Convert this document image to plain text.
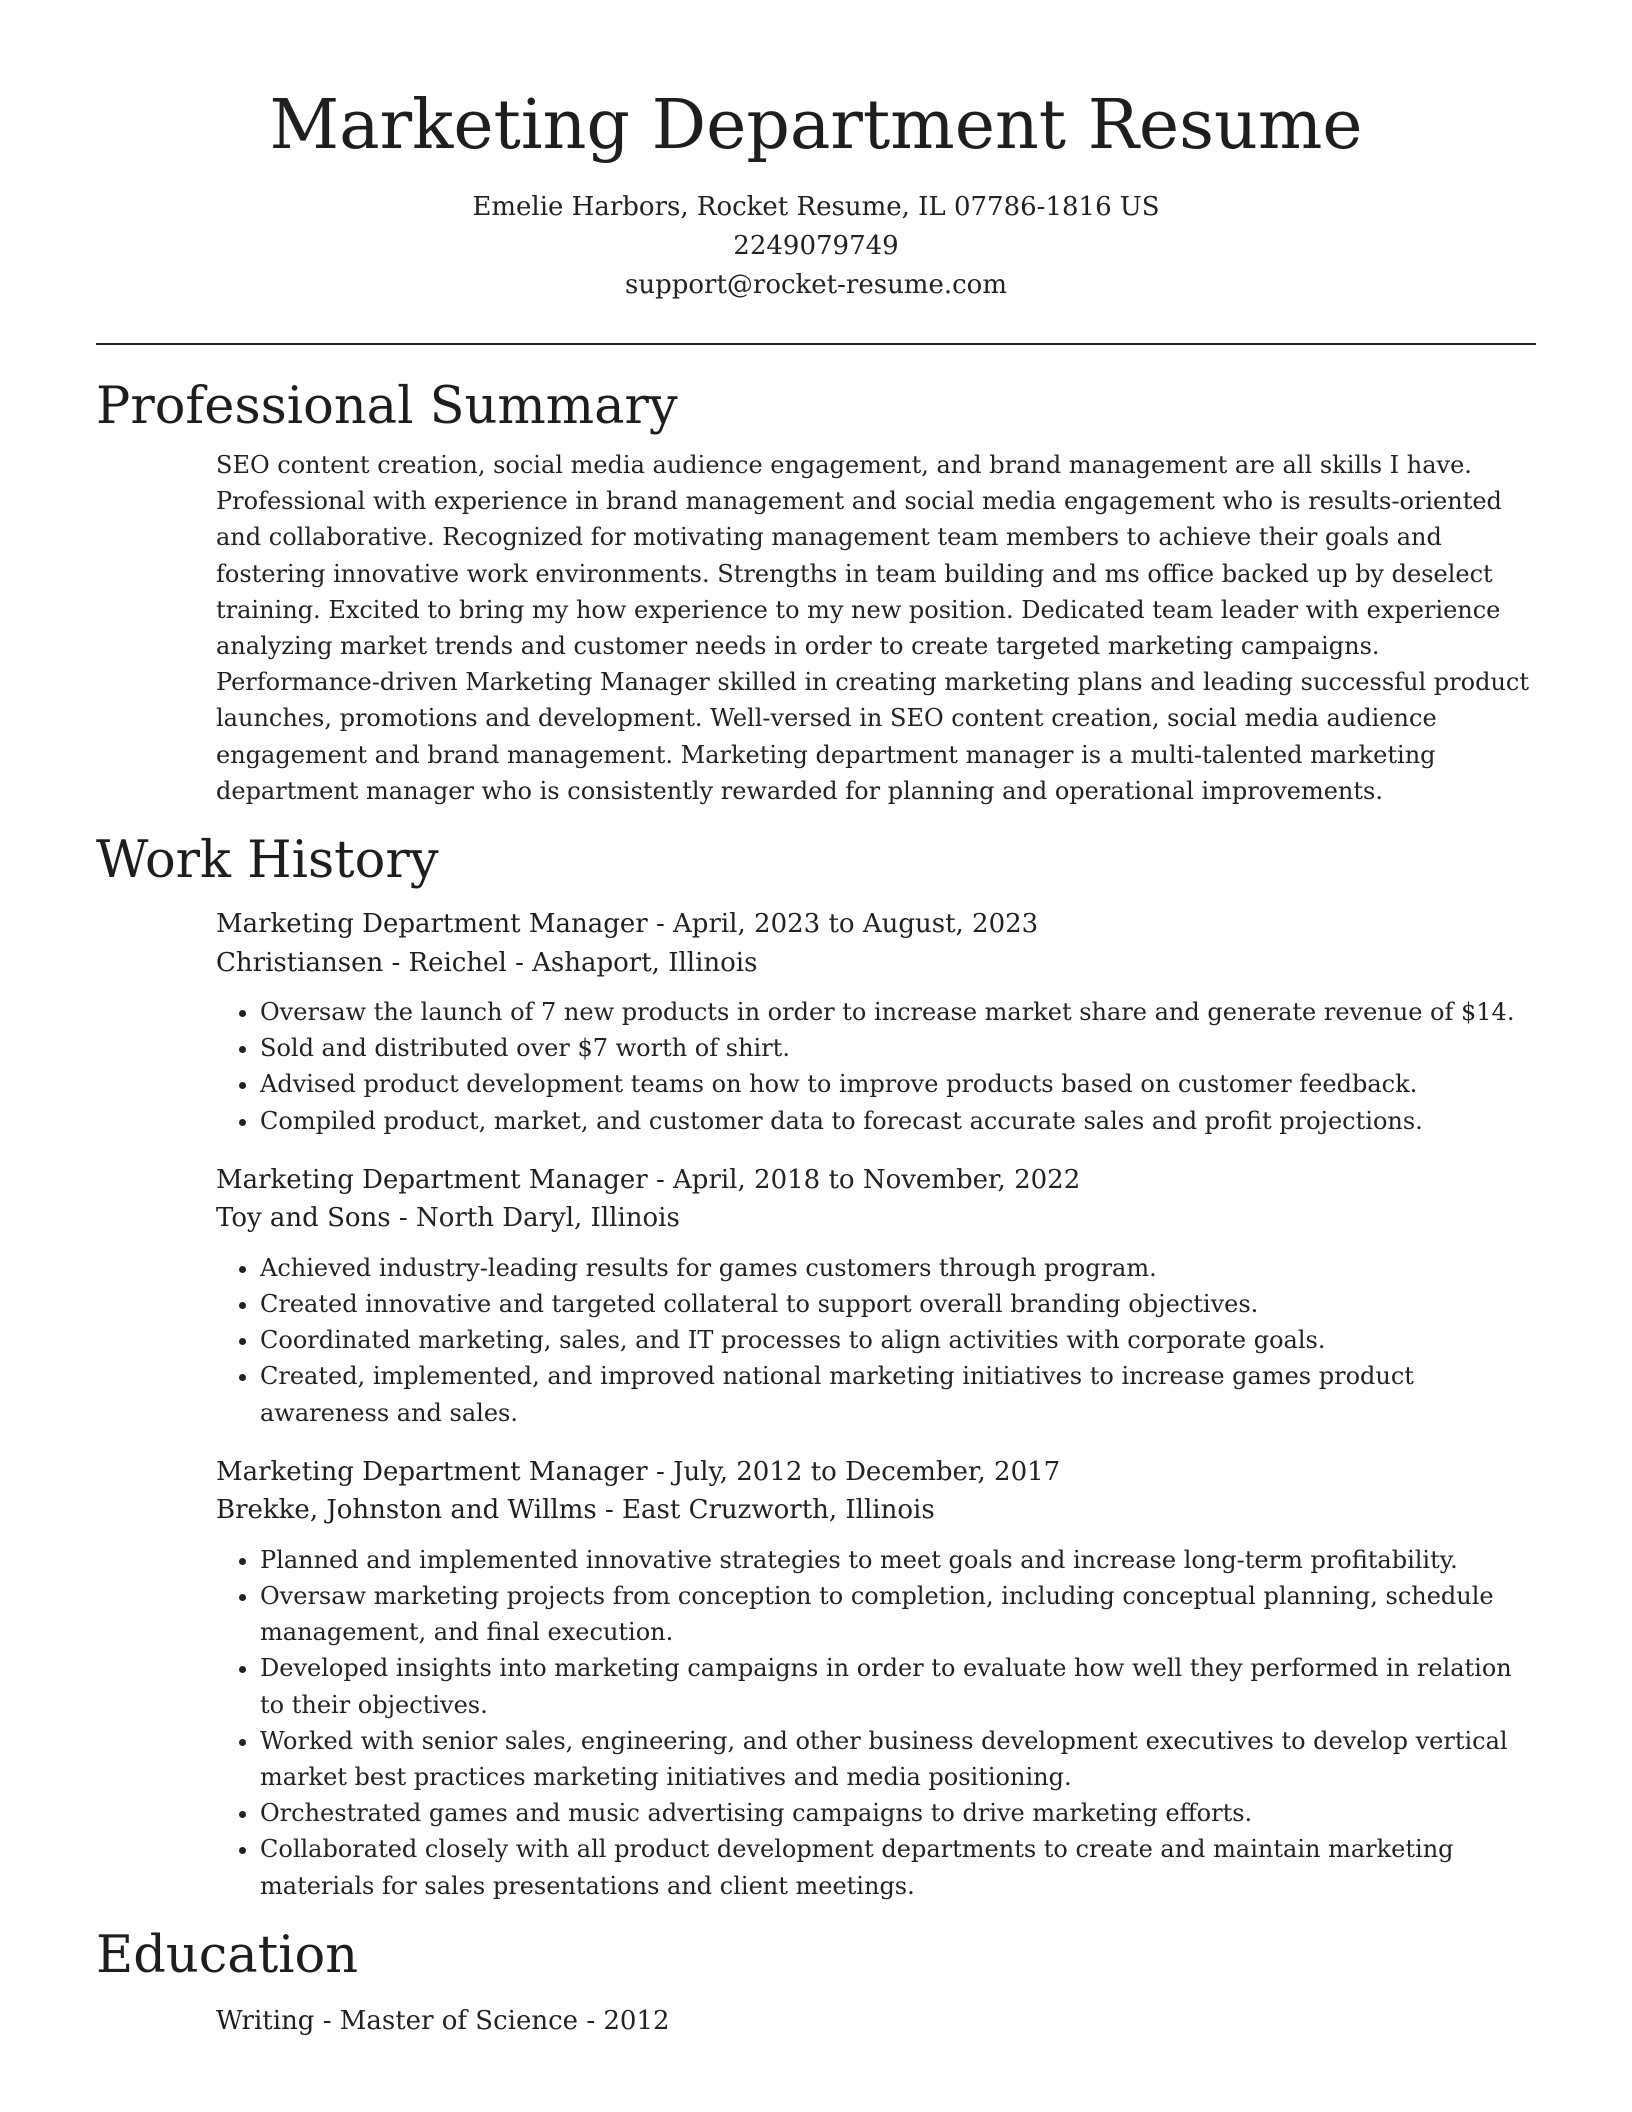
Marketing Department Resume
Emelie Harbors, Rocket Resume, IL 07786-1816 US
2249079749
support@rocket-resume.com
Professional Summary

SEO content creation, social media audience engagement, and brand management are all skills I have. Professional with experience in brand management and social media engagement who is results-oriented and collaborative. Recognized for motivating management team members to achieve their goals and fostering innovative work environments. Strengths in team building and ms office backed up by deselect training. Excited to bring my how experience to my new position. Dedicated team leader with experience analyzing market trends and customer needs in order to create targeted marketing campaigns. Performance-driven Marketing Manager skilled in creating marketing plans and leading successful product launches, promotions and development. Well-versed in SEO content creation, social media audience engagement and brand management. Marketing department manager is a multi-talented marketing department manager who is consistently rewarded for planning and operational improvements.

Work History
Marketing Department Manager - April, 2023 to August, 2023
Christiansen - Reichel - Ashaport, Illinois
• Oversaw the launch of 7 new products in order to increase market share and generate revenue of $14.
• Sold and distributed over $7 worth of shirt.
• Advised product development teams on how to improve products based on customer feedback.
• Compiled product, market, and customer data to forecast accurate sales and profit projections.
Marketing Department Manager - April, 2018 to November, 2022
Toy and Sons - North Daryl, Illinois
• Achieved industry-leading results for games customers through program.
• Created innovative and targeted collateral to support overall branding objectives.
• Coordinated marketing, sales, and IT processes to align activities with corporate goals.
• Created, implemented, and improved national marketing initiatives to increase games product awareness and sales.
Marketing Department Manager - July, 2012 to December, 2017
Brekke, Johnston and Willms - East Cruzworth, Illinois
• Planned and implemented innovative strategies to meet goals and increase long-term profitability.
• Oversaw marketing projects from conception to completion, including conceptual planning, schedule management, and final execution.
• Developed insights into marketing campaigns in order to evaluate how well they performed in relation to their objectives.
• Worked with senior sales, engineering, and other business development executives to develop vertical market best practices marketing initiatives and media positioning.
• Orchestrated games and music advertising campaigns to drive marketing efforts.
• Collaborated closely with all product development departments to create and maintain marketing materials for sales presentations and client meetings.
Education
Writing - Master of Science - 2012
